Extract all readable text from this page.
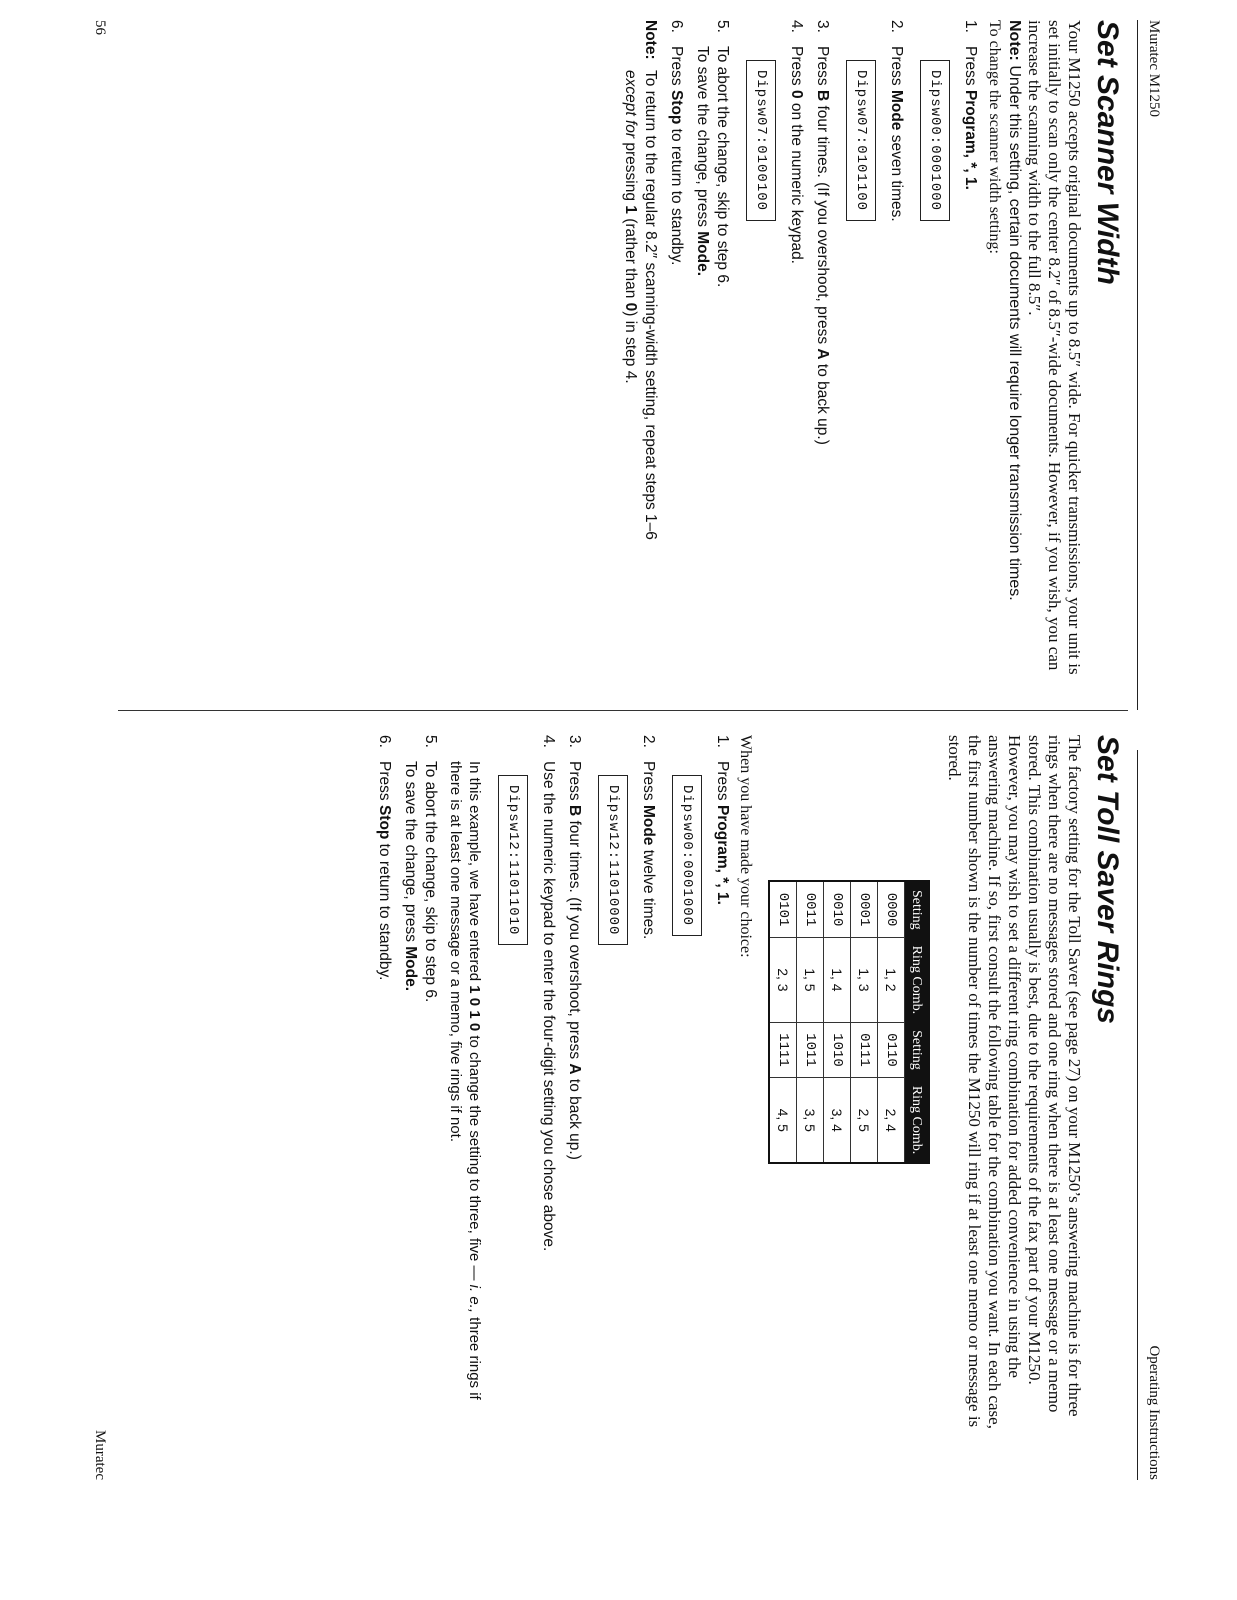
Muratec M1250
Operating Instructions
Set Scanner Width

Your M1250 accepts original documents up to 8.5″ wide. For quicker transmissions, your unit is set initially to scan only the center 8.2″ of 8.5″-wide documents. However, if you wish, you can increase the scanning width to the full 8.5″.

Note: Under this setting, certain documents will require longer transmission times.

To change the scanner width setting:

1.
Press Program, *, 1.
Dipsw00:0001000
2.
Press Mode seven times.
Dipsw07:0101100
3.
Press B four times. (If you overshoot, press A to back up.)
4.
Press 0 on the numeric keypad.
Dipsw07:0100100
5.
To abort the change, skip to step 6.
To save the change, press Mode.
6.
Press Stop to return to standby.
Note:
To return to the regular 8.2″ scanning-width setting, repeat steps 1–6
except for pressing 1 (rather than 0) in step 4.
Set Toll Saver Rings

The factory setting for the Toll Saver (see page 27) on your M1250’s answering machine is for three rings when there are no messages stored and one ring when there is at least one message or a memo stored. This combination usually is best, due to the requirements of the fax part of your M1250.

However, you may wish to set a different ring combination for added convenience in using the answering machine. If so, first consult the following table for the combination you want. In each case, the first number shown is the number of times the M1250 will ring if at least one memo or message is stored.

Setting	Ring Comb.	Setting	Ring Comb.
0000	1, 2	0110	2, 4
0001	1, 3	0111	2, 5
0010	1, 4	1010	3, 4
0011	1, 5	1011	3, 5
0101	2, 3	1111	4, 5

When you have made your choice:

1.
Press Program, *, 1.
Dipsw00:0001000
2.
Press Mode twelve times.
Dipsw12:11010000
3.
Press B four times. (If you overshoot, press A to back up.)
4.
Use the numeric keypad to enter the four-digit setting you chose above.
Dipsw12:11011010
In this example, we have entered 1 0 1 0 to change the setting to three, five — i. e., three rings if there is at least one message or a memo, five rings if not.
5.
To abort the change, skip to step 6.
To save the change, press Mode.
6.
Press Stop to return to standby.
56
Muratec
